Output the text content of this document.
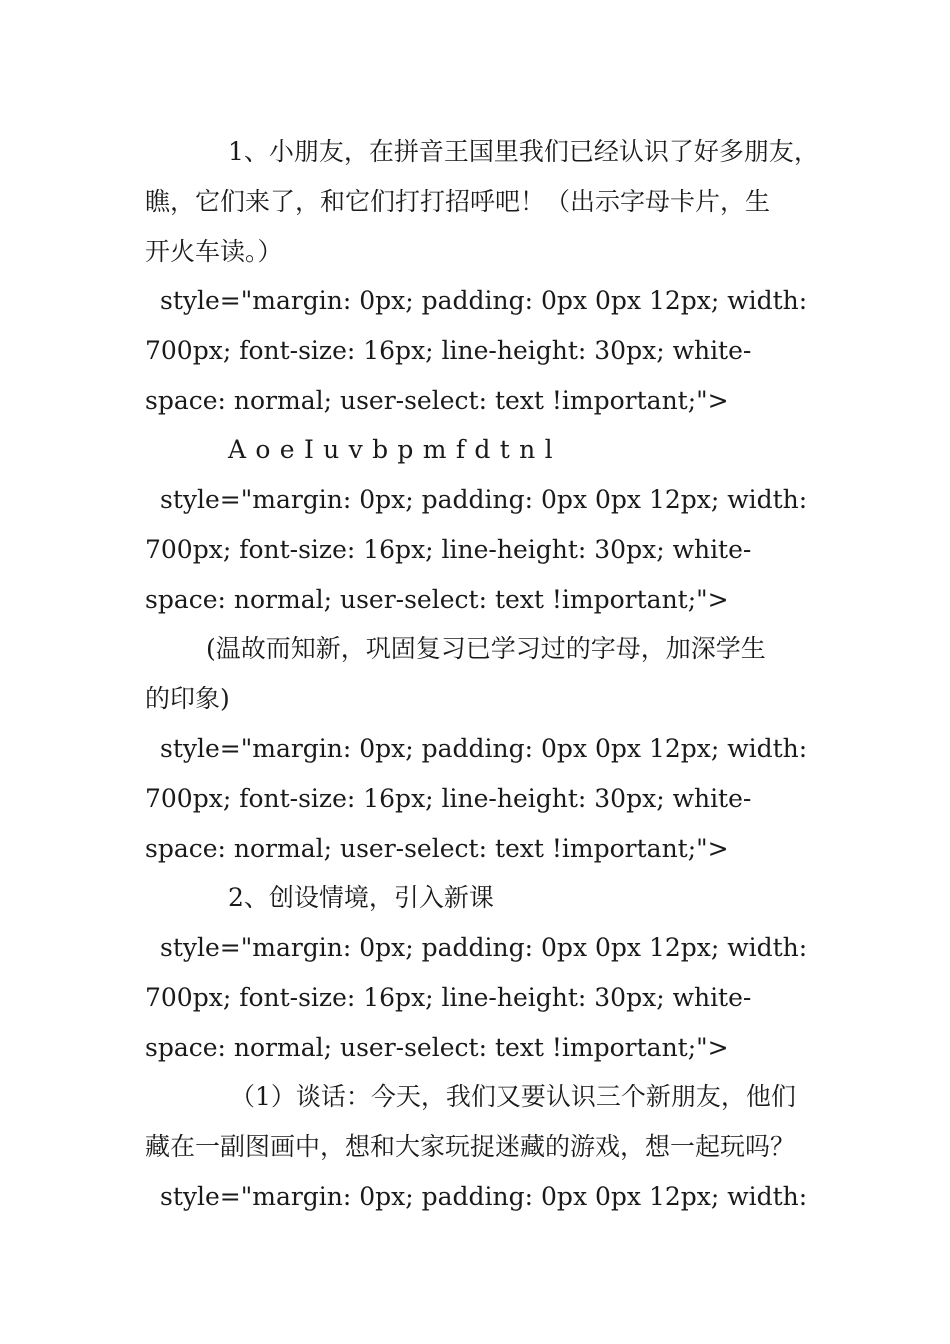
1、小朋友，在拼音王国里我们已经认识了好多朋友，
瞧，它们来了，和它们打打招呼吧！（出示字母卡片，生
开火车读。）
style="margin: 0px; padding: 0px 0px 12px; width:
700px; font-size: 16px; line-height: 30px; white-
space: normal; user-select: text !important;">
A o e I u v b p m f d t n l
style="margin: 0px; padding: 0px 0px 12px; width:
700px; font-size: 16px; line-height: 30px; white-
space: normal; user-select: text !important;">
(温故而知新，巩固复习已学习过的字母，加深学生
的印象)
style="margin: 0px; padding: 0px 0px 12px; width:
700px; font-size: 16px; line-height: 30px; white-
space: normal; user-select: text !important;">
2、创设情境，引入新课
style="margin: 0px; padding: 0px 0px 12px; width:
700px; font-size: 16px; line-height: 30px; white-
space: normal; user-select: text !important;">
（1）谈话：今天，我们又要认识三个新朋友，他们
藏在一副图画中，想和大家玩捉迷藏的游戏，想一起玩吗？
style="margin: 0px; padding: 0px 0px 12px; width:
